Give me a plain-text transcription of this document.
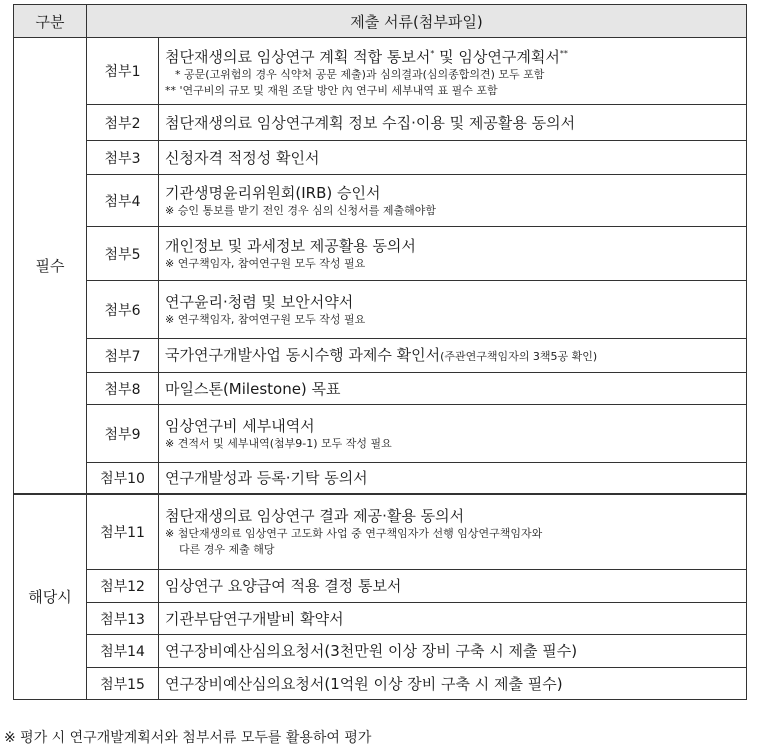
구분	제출 서류(첨부파일)	
필수	첨부1	첨단재생의료 임상연구 계획 적합 통보서* 및 임상연구계획서**
* 공문(고위험의 경우 식약처 공문 제출)과 심의결과(심의종합의견) 모두 포함
** '연구비의 규모 및 재원 조달 방안 內 연구비 세부내역 표 필수 포함

	첨부2	첨단재생의료 임상연구계획 정보 수집·이용 및 제공활용 동의서

	첨부3	신청자격 적정성 확인서

	첨부4	기관생명윤리위원회(IRB) 승인서
※ 승인 통보를 받기 전인 경우 심의 신청서를 제출해야함

	첨부5	개인정보 및 과세정보 제공활용 동의서
※ 연구책임자, 참여연구원 모두 작성 필요

	첨부6	연구윤리·청렴 및 보안서약서
※ 연구책임자, 참여연구원 모두 작성 필요

	첨부7	국가연구개발사업 동시수행 과제수 확인서(주관연구책임자의 3책5공 확인)

	첨부8	마일스톤(Milestone) 목표

	첨부9	임상연구비 세부내역서
※ 견적서 및 세부내역(첨부9-1) 모두 작성 필요

	첨부10	연구개발성과 등록·기탁 동의서

해당시	첨부11	첨단재생의료 임상연구 결과 제공·활용 동의서
※ 첨단재생의료 임상연구 고도화 사업 중 연구책임자가 선행 임상연구책임자와
다른 경우 제출 해당

	첨부12	임상연구 요양급여 적용 결정 통보서

	첨부13	기관부담연구개발비 확약서

	첨부14	연구장비예산심의요청서(3천만원 이상 장비 구축 시 제출 필수)

	첨부15	연구장비예산심의요청서(1억원 이상 장비 구축 시 제출 필수)
※ 평가 시 연구개발계획서와 첨부서류 모두를 활용하여 평가
